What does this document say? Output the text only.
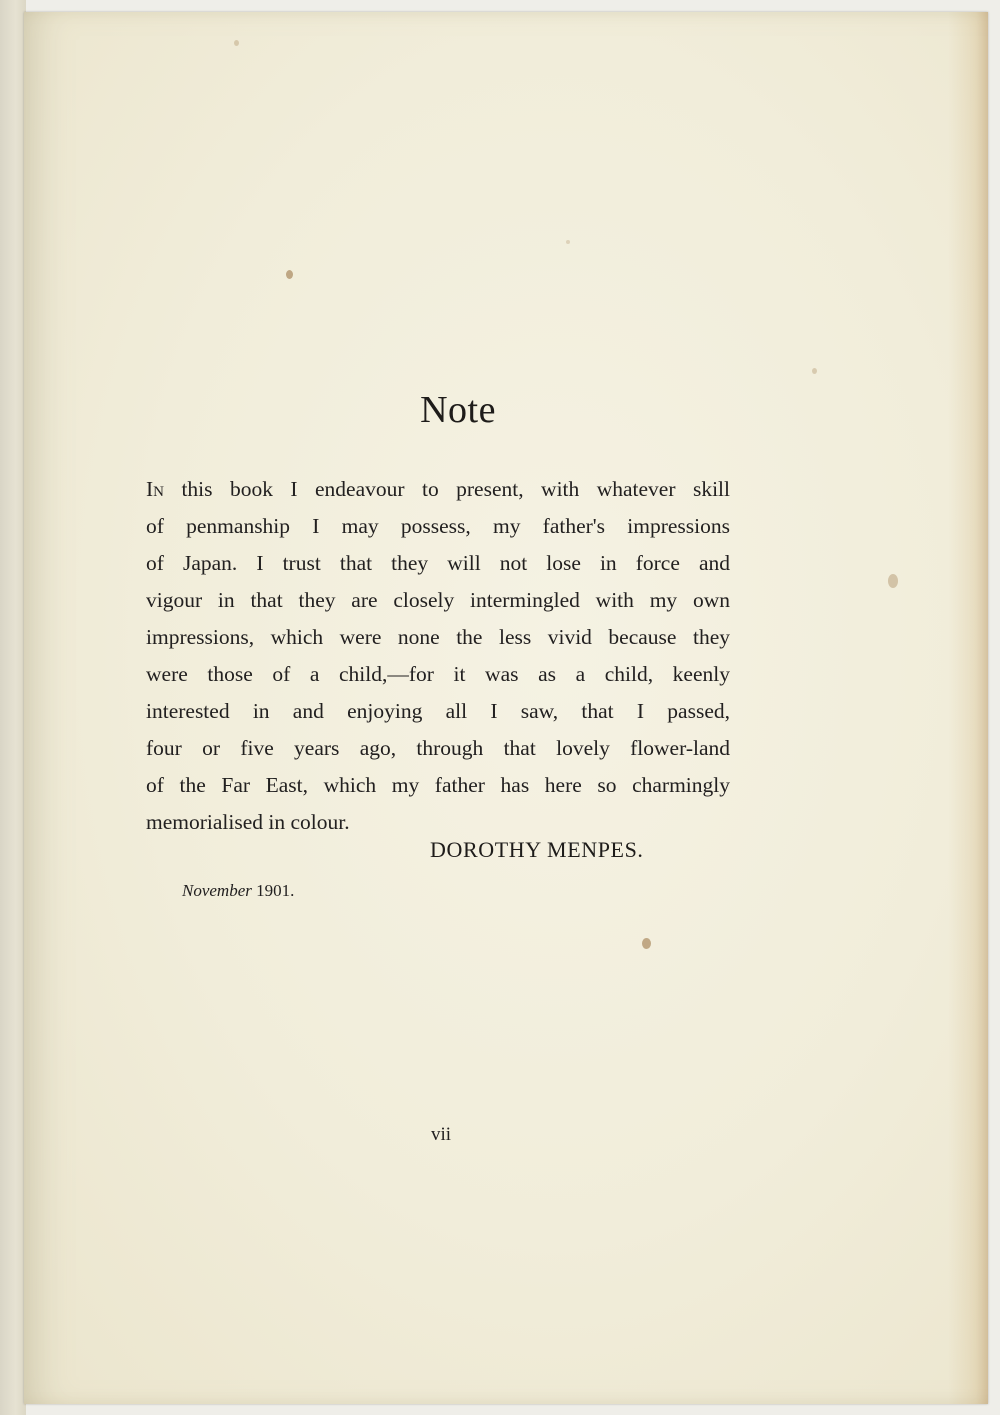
Note
In this book I endeavour to present, with whatever skill
of penmanship I may possess, my father's impressions
of Japan. I trust that they will not lose in force and
vigour in that they are closely intermingled with my own
impressions, which were none the less vivid because they
were those of a child,—for it was as a child, keenly
interested in and enjoying all I saw, that I passed,
four or five years ago, through that lovely flower-land
of the Far East, which my father has here so charmingly
memorialised in colour.
DOROTHY MENPES.
November 1901.
vii
